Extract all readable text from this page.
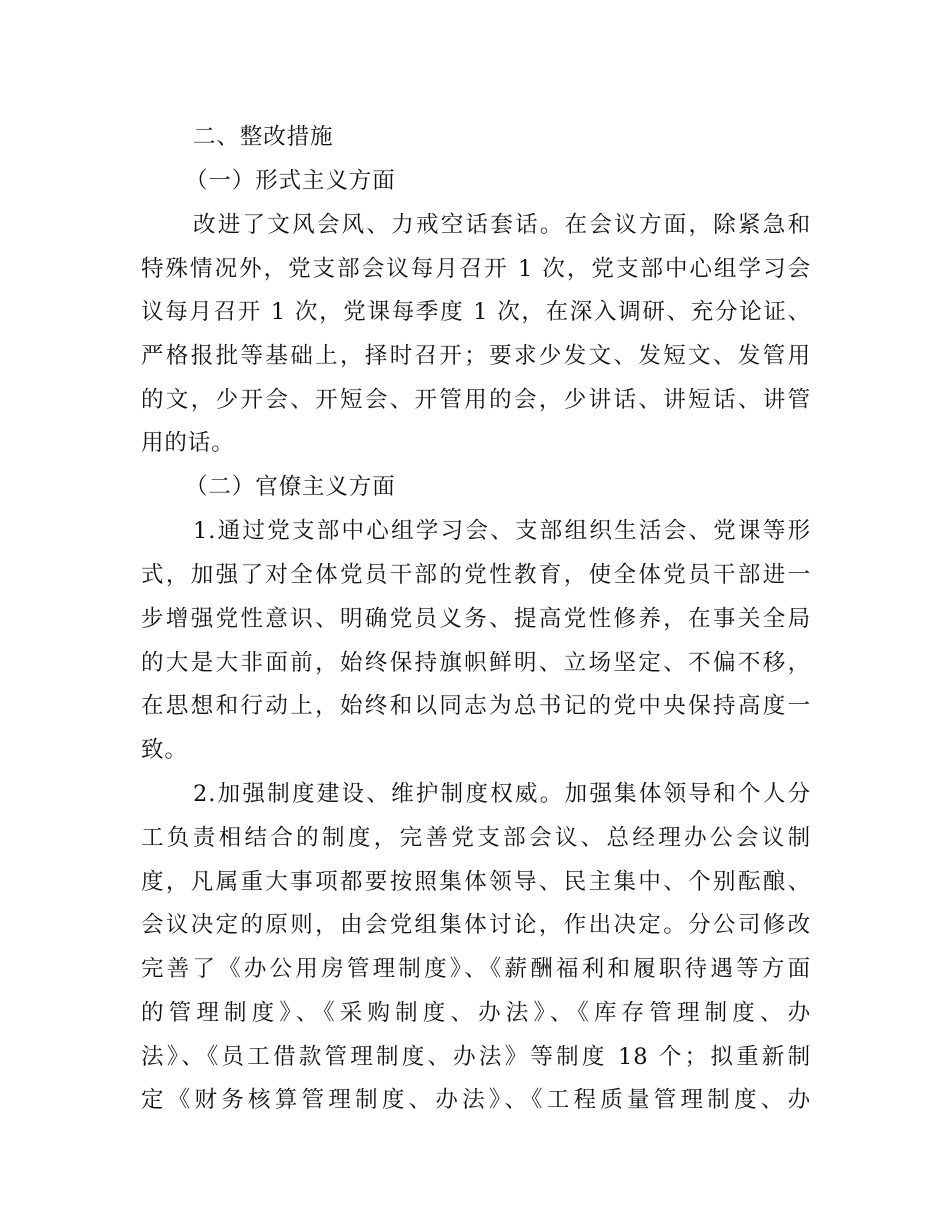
二、整改措施
（一）形式主义方面
改进了文风会风、力戒空话套话。在会议方面，除紧急和
特殊情况外，党支部会议每月召开 1 次，党支部中心组学习会
议每月召开 1 次，党课每季度 1 次，在深入调研、充分论证、
严格报批等基础上，择时召开；要求少发文、发短文、发管用
的文，少开会、开短会、开管用的会，少讲话、讲短话、讲管
用的话。
（二）官僚主义方面
1.通过党支部中心组学习会、支部组织生活会、党课等形
式，加强了对全体党员干部的党性教育，使全体党员干部进一
步增强党性意识、明确党员义务、提高党性修养，在事关全局
的大是大非面前，始终保持旗帜鲜明、立场坚定、不偏不移，
在思想和行动上，始终和以同志为总书记的党中央保持高度一
致。
2.加强制度建设、维护制度权威。加强集体领导和个人分
工负责相结合的制度，完善党支部会议、总经理办公会议制
度，凡属重大事项都要按照集体领导、民主集中、个别酝酿、
会议决定的原则，由会党组集体讨论，作出决定。分公司修改
完善了《办公用房管理制度》、《薪酬福利和履职待遇等方面
的管理制度》、《采购制度、办法》、《库存管理制度、办
法》、《员工借款管理制度、办法》等制度 18 个；拟重新制
定《财务核算管理制度、办法》、《工程质量管理制度、办
